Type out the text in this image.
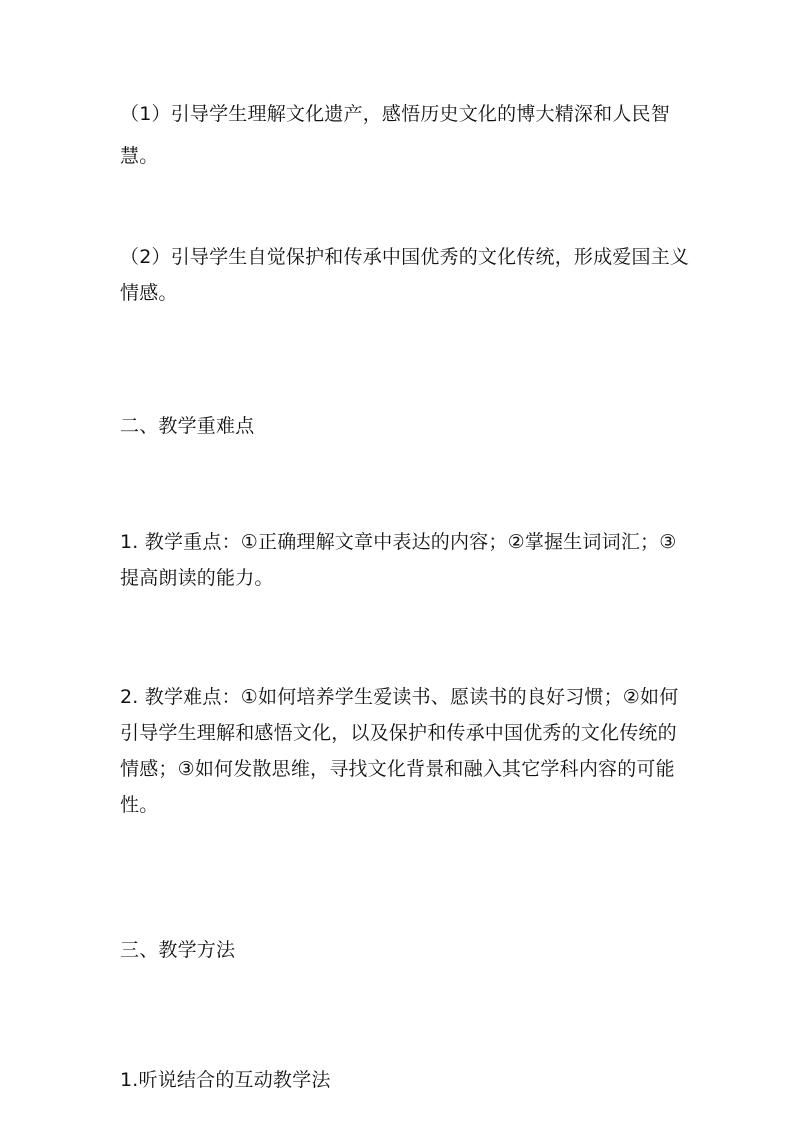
（1）引导学生理解文化遗产，感悟历史文化的博大精深和人民智
慧。
（2）引导学生自觉保护和传承中国优秀的文化传统，形成爱国主义
情感。
二、教学重难点
1. 教学重点：①正确理解文章中表达的内容；②掌握生词词汇；③
提高朗读的能力。
2. 教学难点：①如何培养学生爱读书、愿读书的良好习惯；②如何
引导学生理解和感悟文化，以及保护和传承中国优秀的文化传统的
情感；③如何发散思维，寻找文化背景和融入其它学科内容的可能
性。
三、教学方法
1.听说结合的互动教学法
